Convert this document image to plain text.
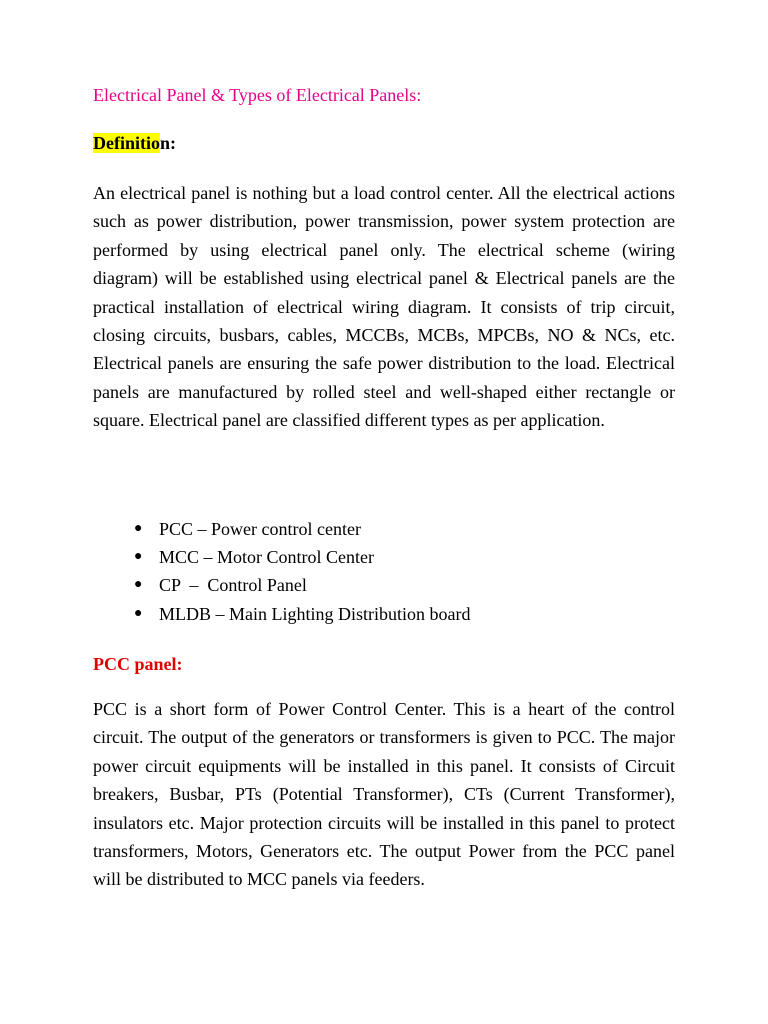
Electrical Panel & Types of Electrical Panels:

Definition:

An electrical panel is nothing but a load control center. All the electrical actions such as power distribution, power transmission, power system protection are performed by using electrical panel only. The electrical scheme (wiring diagram) will be established using electrical panel & Electrical panels are the practical installation of electrical wiring diagram. It consists of trip circuit, closing circuits, busbars, cables, MCCBs, MCBs, MPCBs, NO & NCs, etc. Electrical panels are ensuring the safe power distribution to the load. Electrical panels are manufactured by rolled steel and well-shaped either rectangle or square. Electrical panel are classified different types as per application.

● PCC – Power control center
● MCC – Motor Control Center
● CP  –  Control Panel
● MLDB – Main Lighting Distribution board

PCC panel:

PCC is a short form of Power Control Center. This is a heart of the control circuit. The output of the generators or transformers is given to PCC. The major power circuit equipments will be installed in this panel. It consists of Circuit breakers, Busbar, PTs (Potential Transformer), CTs (Current Transformer), insulators etc. Major protection circuits will be installed in this panel to protect transformers, Motors, Generators etc. The output Power from the PCC panel will be distributed to MCC panels via feeders.
